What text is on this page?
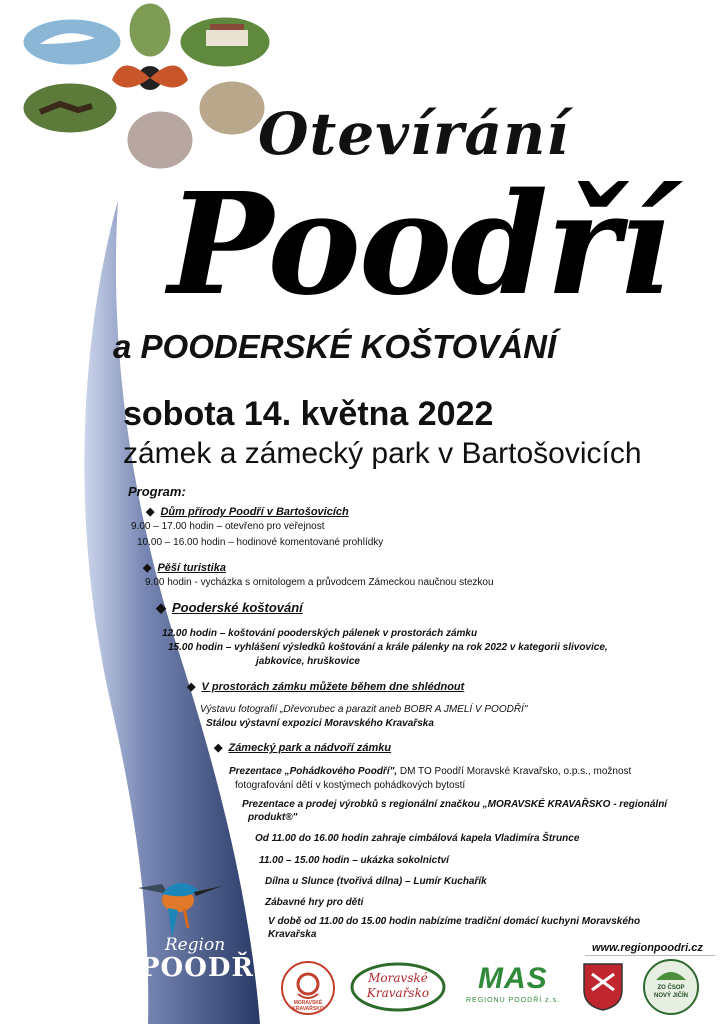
Otevírání
Poodří
a POODERSKÉ KOŠTOVÁNÍ
sobota 14. května 2022
zámek a zámecký park v Bartošovicích
Program:
◆ Dům přírody Poodří v Bartošovicích
9.00 – 17.00 hodin – otevřeno pro veřejnost
10.00 – 16.00 hodin – hodinové komentované prohlídky
◆ Pěší turistika
9.00 hodin - vycházka s ornitologem a průvodcem Zámeckou naučnou stezkou
◆ Pooderské koštování
12.00 hodin – koštování pooderských pálenek v prostorách zámku
15.00 hodin – vyhlášení výsledků koštování a krále pálenky na rok 2022 v kategorii slivovice,
jabkovice, hruškovice
◆ V prostorách zámku můžete během dne shlédnout
Výstavu fotografií „Dřevorubec a parazit aneb BOBR A JMELÍ V POODŘÍ"
Stálou výstavní expozici Moravského Kravařska
◆ Zámecký park a nádvoří zámku
Prezentace „Pohádkového Poodří", DM TO Poodří Moravské Kravařsko, o.p.s., možnost
fotografování dětí v kostýmech pohádkových bytostí
Prezentace a prodej výrobků s regionální značkou „MORAVSKÉ KRAVAŘSKO - regionální
produkt®"
Od 11.00 do 16.00 hodin zahraje cimbálová kapela Vladimíra Štrunce
11.00 – 15.00 hodin – ukázka sokolnictví
Dílna u Slunce (tvořivá dílna) – Lumír Kuchařík
Zábavné hry pro děti
V době od 11.00 do 15.00 hodin nabízíme tradiční domácí kuchyni Moravského
Kravařska
Region
POODŘÍ
www.regionpoodri.cz
MORAVSKÉ KRAVAŘSKO
Moravské
Kravařsko	MAS
REGIONU POODŘÍ z.s.
ZO ČSOP
NOVÝ JIČÍN
